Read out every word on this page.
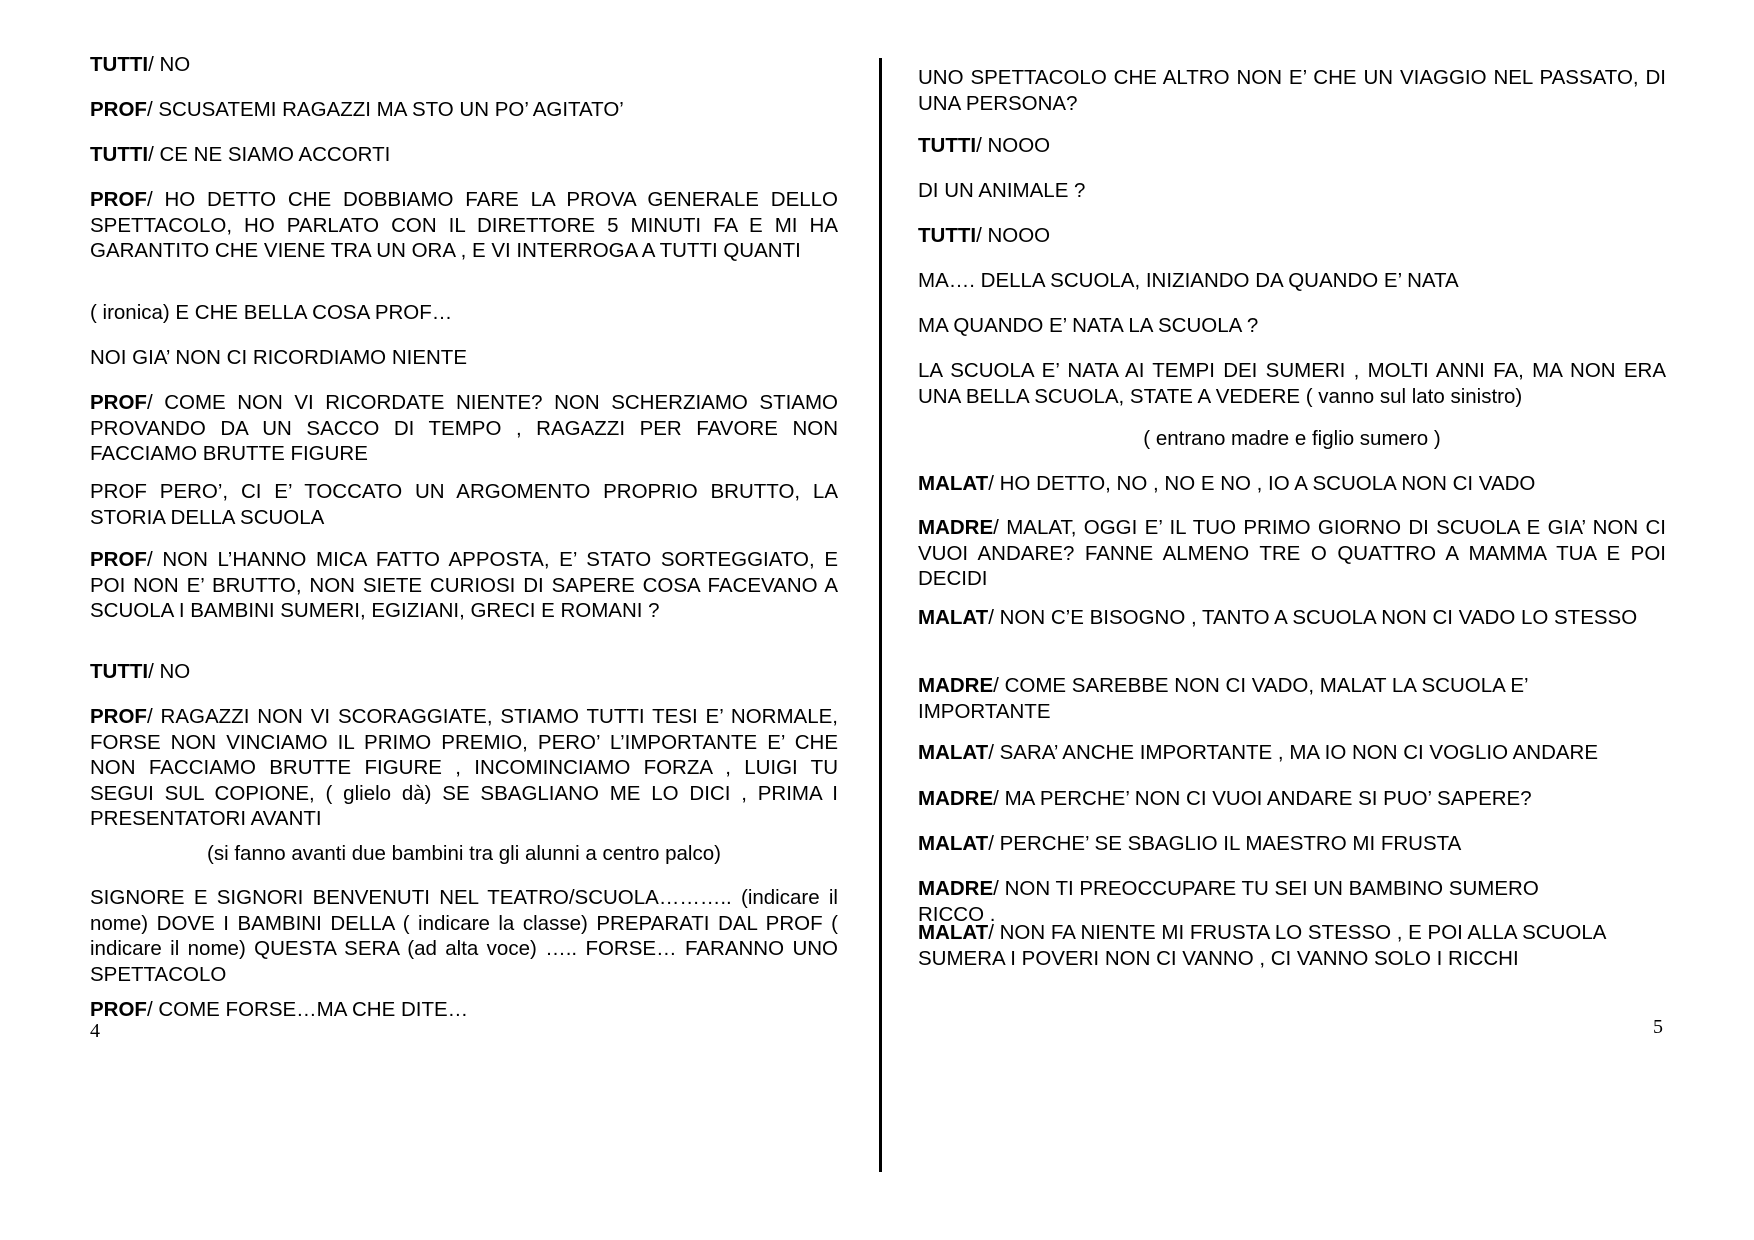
TUTTI/ NO

PROF/ SCUSATEMI RAGAZZI MA STO UN PO’ AGITATO’

TUTTI/ CE NE SIAMO ACCORTI

PROF/ HO DETTO CHE DOBBIAMO FARE LA PROVA GENERALE DELLO SPETTACOLO, HO PARLATO CON IL DIRETTORE 5 MINUTI FA E MI HA GARANTITO CHE VIENE TRA UN ORA , E VI INTERROGA A TUTTI QUANTI

( ironica) E CHE BELLA COSA PROF…

NOI GIA’ NON CI RICORDIAMO NIENTE

PROF/ COME NON VI RICORDATE NIENTE? NON SCHERZIAMO STIAMO PROVANDO DA UN SACCO DI TEMPO , RAGAZZI PER FAVORE NON FACCIAMO BRUTTE FIGURE

PROF PERO’, CI E’ TOCCATO UN ARGOMENTO PROPRIO BRUTTO, LA STORIA DELLA SCUOLA

PROF/ NON L’HANNO MICA FATTO APPOSTA, E’ STATO SORTEGGIATO, E POI NON E’ BRUTTO, NON SIETE CURIOSI DI SAPERE COSA FACEVANO A SCUOLA I BAMBINI SUMERI, EGIZIANI, GRECI E ROMANI ?

TUTTI/ NO

PROF/ RAGAZZI NON VI SCORAGGIATE, STIAMO TUTTI TESI E’ NORMALE, FORSE NON VINCIAMO IL PRIMO PREMIO, PERO’ L’IMPORTANTE E’ CHE NON FACCIAMO BRUTTE FIGURE , INCOMINCIAMO FORZA , LUIGI TU SEGUI SUL COPIONE, ( glielo dà) SE SBAGLIANO ME LO DICI , PRIMA I PRESENTATORI AVANTI

(si fanno avanti due bambini tra gli alunni a centro palco)

SIGNORE E SIGNORI BENVENUTI NEL TEATRO/SCUOLA……….. (indicare il nome) DOVE I BAMBINI DELLA ( indicare la classe) PREPARATI DAL PROF ( indicare il nome) QUESTA SERA (ad alta voce) ….. FORSE… FARANNO UNO SPETTACOLO

PROF/ COME FORSE…MA CHE DITE…

4

UNO SPETTACOLO CHE ALTRO NON E’ CHE UN VIAGGIO NEL PASSATO, DI UNA PERSONA?

TUTTI/ NOOO

DI UN ANIMALE ?

TUTTI/ NOOO

MA…. DELLA SCUOLA, INIZIANDO DA QUANDO E’ NATA

MA QUANDO E’ NATA LA SCUOLA ?

LA SCUOLA E’ NATA AI TEMPI DEI SUMERI , MOLTI ANNI FA, MA NON ERA UNA BELLA SCUOLA, STATE A VEDERE ( vanno sul lato sinistro)

( entrano madre e figlio sumero )

MALAT/ HO DETTO, NO , NO E NO , IO A SCUOLA NON CI VADO

MADRE/ MALAT, OGGI E’ IL TUO PRIMO GIORNO DI SCUOLA E GIA’ NON CI VUOI ANDARE? FANNE ALMENO TRE O QUATTRO A MAMMA TUA E POI DECIDI

MALAT/ NON C’E BISOGNO , TANTO A SCUOLA NON CI VADO LO STESSO

MADRE/ COME SAREBBE NON CI VADO, MALAT LA SCUOLA E’ IMPORTANTE

MALAT/ SARA’ ANCHE IMPORTANTE , MA IO NON CI VOGLIO ANDARE

MADRE/ MA PERCHE’ NON CI VUOI ANDARE SI PUO’ SAPERE?

MALAT/ PERCHE’ SE SBAGLIO IL MAESTRO MI FRUSTA

MADRE/ NON TI PREOCCUPARE TU SEI UN BAMBINO SUMERO RICCO .

MALAT/ NON FA NIENTE MI FRUSTA LO STESSO , E POI ALLA SCUOLA SUMERA I POVERI NON CI VANNO , CI VANNO SOLO I RICCHI

5
